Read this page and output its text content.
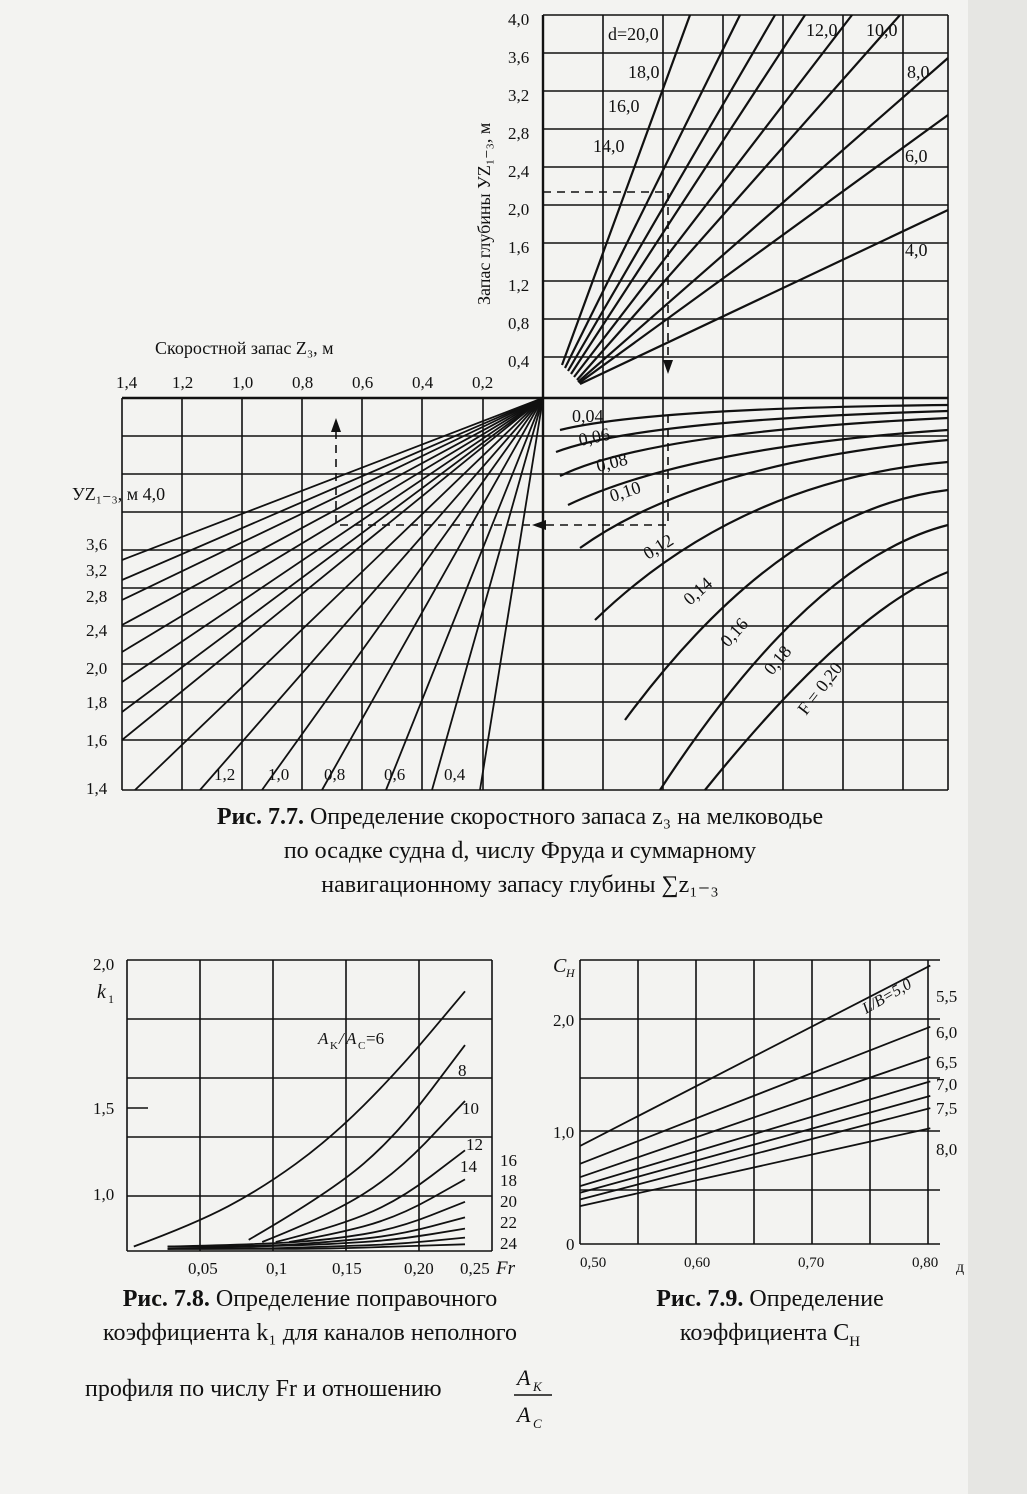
4,0
3,6
3,2
2,8
2,4
2,0
1,6
1,2
0,8
0,4
Запас глубины УZ₁₋₃, м
d=20,0
18,0
16,0
14,0
12,0 10,0
8,0
6,0
4,0
0,04
0,06
0,08
0,10
0,12
0,14
0,16
0,18
F = 0,20
Скоростной запас Z₃, м
1,4 1,2 1,0 0,8 0,6 0,4 0,2
УZ₁₋₃, м 4,0
3,6
3,2
2,8
2,4
2,0
1,8
1,6
1,4
1,2 1,0 0,8 0,6 0,4
2,0
1,5
1,0
0,05	0,1	0,15 0,20 0,25 Fr
k 1
A K / A C =6
8
10
12
14 16
18
20
22
24	0
1,0
2,0
0,50	0,60	0,70	0,80 д
C H
L/B=5,0 5,5
6,0
6,5
7,0
7,5
8,0
A K
A C
Рис. 7.7. Определение скоростного запаса z₃ на мелководье
по осадке судна d, числу Фруда и суммарному
навигационному запасу глубины ∑z₁₋₃
Рис. 7.8. Определение поправочного
коэффициента k₁ для каналов неполного
профиля по числу Fr и отношению
Рис. 7.9. Определение
коэффициента $C_H$
